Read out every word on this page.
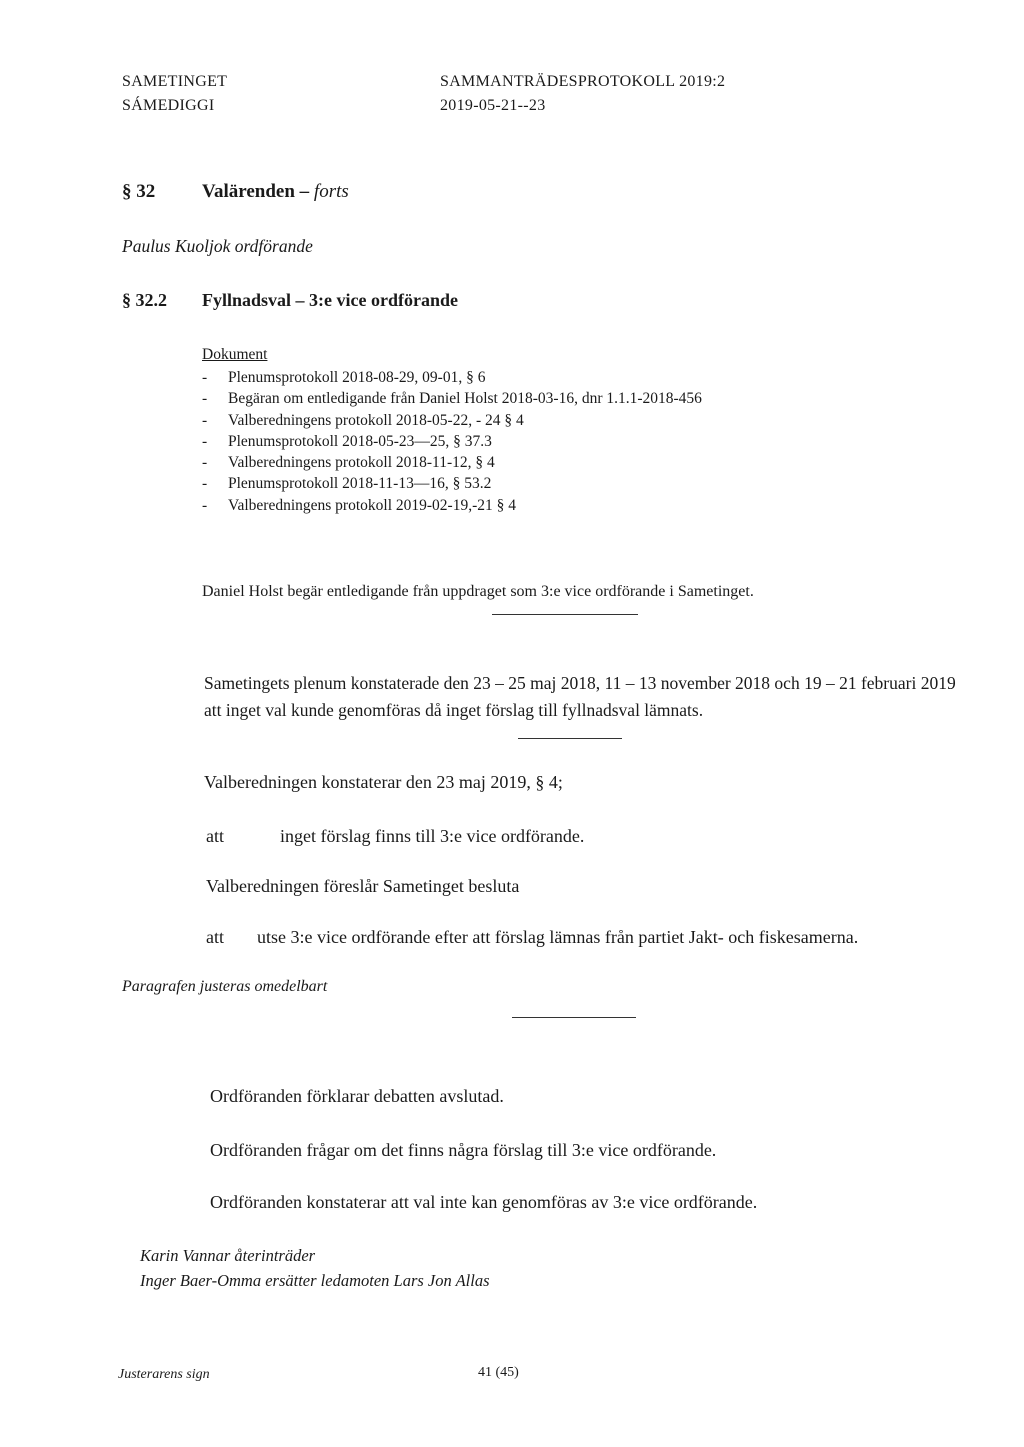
SAMETINGET
SÁMEDIGGI
SAMMANTRÄDESPROTOKOLL 2019:2
2019-05-21--23
§ 32 Valärenden – forts
Paulus Kuoljok ordförande
§ 32.2 Fyllnadsval – 3:e vice ordförande
Dokument
- Plenumsprotokoll 2018-08-29, 09-01, § 6
- Begäran om entledigande från Daniel Holst 2018-03-16, dnr 1.1.1-2018-456
- Valberedningens protokoll 2018-05-22, - 24 § 4
- Plenumsprotokoll 2018-05-23—25, § 37.3
- Valberedningens protokoll 2018-11-12, § 4
- Plenumsprotokoll 2018-11-13—16, § 53.2
- Valberedningens protokoll 2019-02-19,-21 § 4
Daniel Holst begär entledigande från uppdraget som 3:e vice ordförande i Sametinget.
Sametingets plenum konstaterade den 23 – 25 maj 2018, 11 – 13 november 2018 och 19 – 21 februari 2019 att inget val kunde genomföras då inget förslag till fyllnadsval lämnats.
Valberedningen konstaterar den 23 maj 2019, § 4;
att	inget förslag finns till 3:e vice ordförande.
Valberedningen föreslår Sametinget besluta
att utse 3:e vice ordförande efter att förslag lämnas från partiet Jakt- och fiskesamerna.
Paragrafen justeras omedelbart
Ordföranden förklarar debatten avslutad.
Ordföranden frågar om det finns några förslag till 3:e vice ordförande.
Ordföranden konstaterar att val inte kan genomföras av 3:e vice ordförande.
Karin Vannar återinträder
Inger Baer-Omma ersätter ledamoten Lars Jon Allas
Justerarens sign	41 (45)
